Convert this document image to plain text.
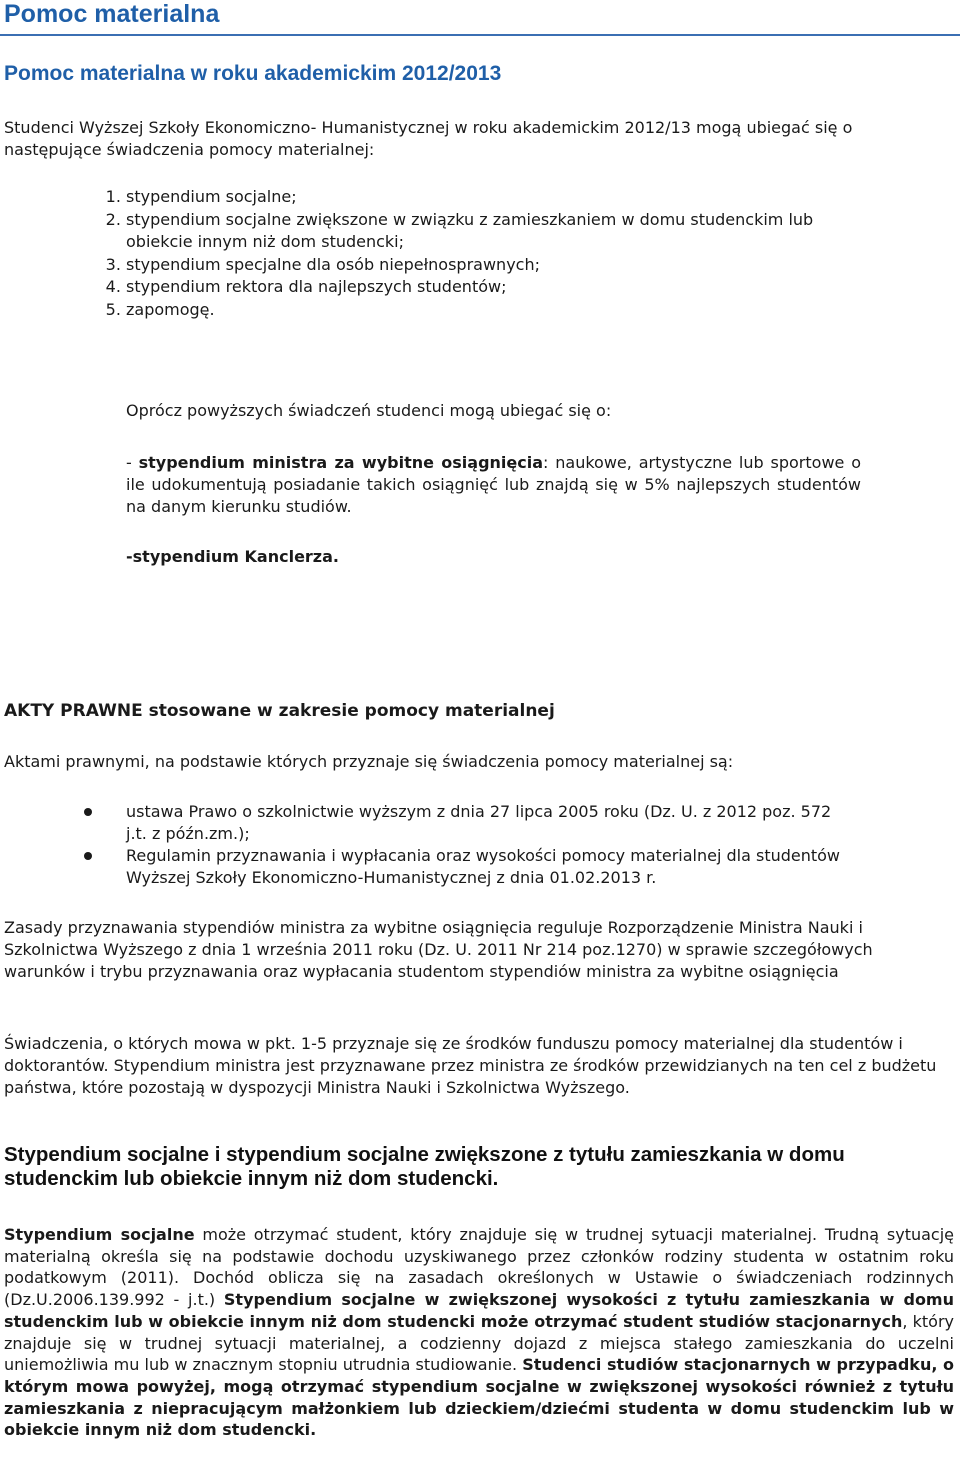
Pomoc materialna
Pomoc materialna w roku akademickim 2012/2013

Studenci Wyższej Szkoły Ekonomiczno- Humanistycznej w roku akademickim 2012/13 mogą ubiegać się o następujące świadczenia pomocy materialnej:

1. stypendium socjalne;
2. stypendium socjalne zwiększone w związku z zamieszkaniem w domu studenckim lub obiekcie innym niż dom studencki;
3. stypendium specjalne dla osób niepełnosprawnych;
4. stypendium rektora dla najlepszych studentów;
5. zapomogę.

Oprócz powyższych świadczeń studenci mogą ubiegać się o:

- stypendium ministra za wybitne osiągnięcia: naukowe, artystyczne lub sportowe o ile udokumentują posiadanie takich osiągnięć lub znajdą się w 5% najlepszych studentów na danym kierunku studiów.

-stypendium Kanclerza.

AKTY PRAWNE stosowane w zakresie pomocy materialnej

Aktami prawnymi, na podstawie których przyznaje się świadczenia pomocy materialnej są:

ustawa Prawo o szkolnictwie wyższym z dnia 27 lipca 2005 roku (Dz. U. z 2012 poz. 572 j.t. z późn.zm.);
Regulamin przyznawania i wypłacania oraz wysokości pomocy materialnej dla studentów Wyższej Szkoły Ekonomiczno-Humanistycznej z dnia 01.02.2013 r.

Zasady przyznawania stypendiów ministra za wybitne osiągnięcia reguluje Rozporządzenie Ministra Nauki i Szkolnictwa Wyższego z dnia 1 września 2011 roku (Dz. U. 2011 Nr 214 poz.1270) w sprawie szczegółowych warunków i trybu przyznawania oraz wypłacania studentom stypendiów ministra za wybitne osiągnięcia

Świadczenia, o których mowa w pkt. 1-5 przyznaje się ze środków funduszu pomocy materialnej dla studentów i doktorantów. Stypendium ministra jest przyznawane przez ministra ze środków przewidzianych na ten cel z budżetu państwa, które pozostają w dyspozycji Ministra Nauki i Szkolnictwa Wyższego.

Stypendium socjalne i stypendium socjalne zwiększone z tytułu zamieszkania w domu studenckim lub obiekcie innym niż dom studencki.

Stypendium socjalne może otrzymać student, który znajduje się w trudnej sytuacji materialnej. Trudną sytuację materialną określa się na podstawie dochodu uzyskiwanego przez członków rodziny studenta w ostatnim roku podatkowym (2011). Dochód oblicza się na zasadach określonych w Ustawie o świadczeniach rodzinnych (Dz.U.2006.139.992 - j.t.) Stypendium socjalne w zwiększonej wysokości z tytułu zamieszkania w domu studenckim lub w obiekcie innym niż dom studencki może otrzymać student studiów stacjonarnych, który znajduje się w trudnej sytuacji materialnej, a codzienny dojazd z miejsca stałego zamieszkania do uczelni uniemożliwia mu lub w znacznym stopniu utrudnia studiowanie. Studenci studiów stacjonarnych w przypadku, o którym mowa powyżej, mogą otrzymać stypendium socjalne w zwiększonej wysokości również z tytułu zamieszkania z niepracującym małżonkiem lub dzieckiem/dziećmi studenta w domu studenckim lub w obiekcie innym niż dom studencki.
